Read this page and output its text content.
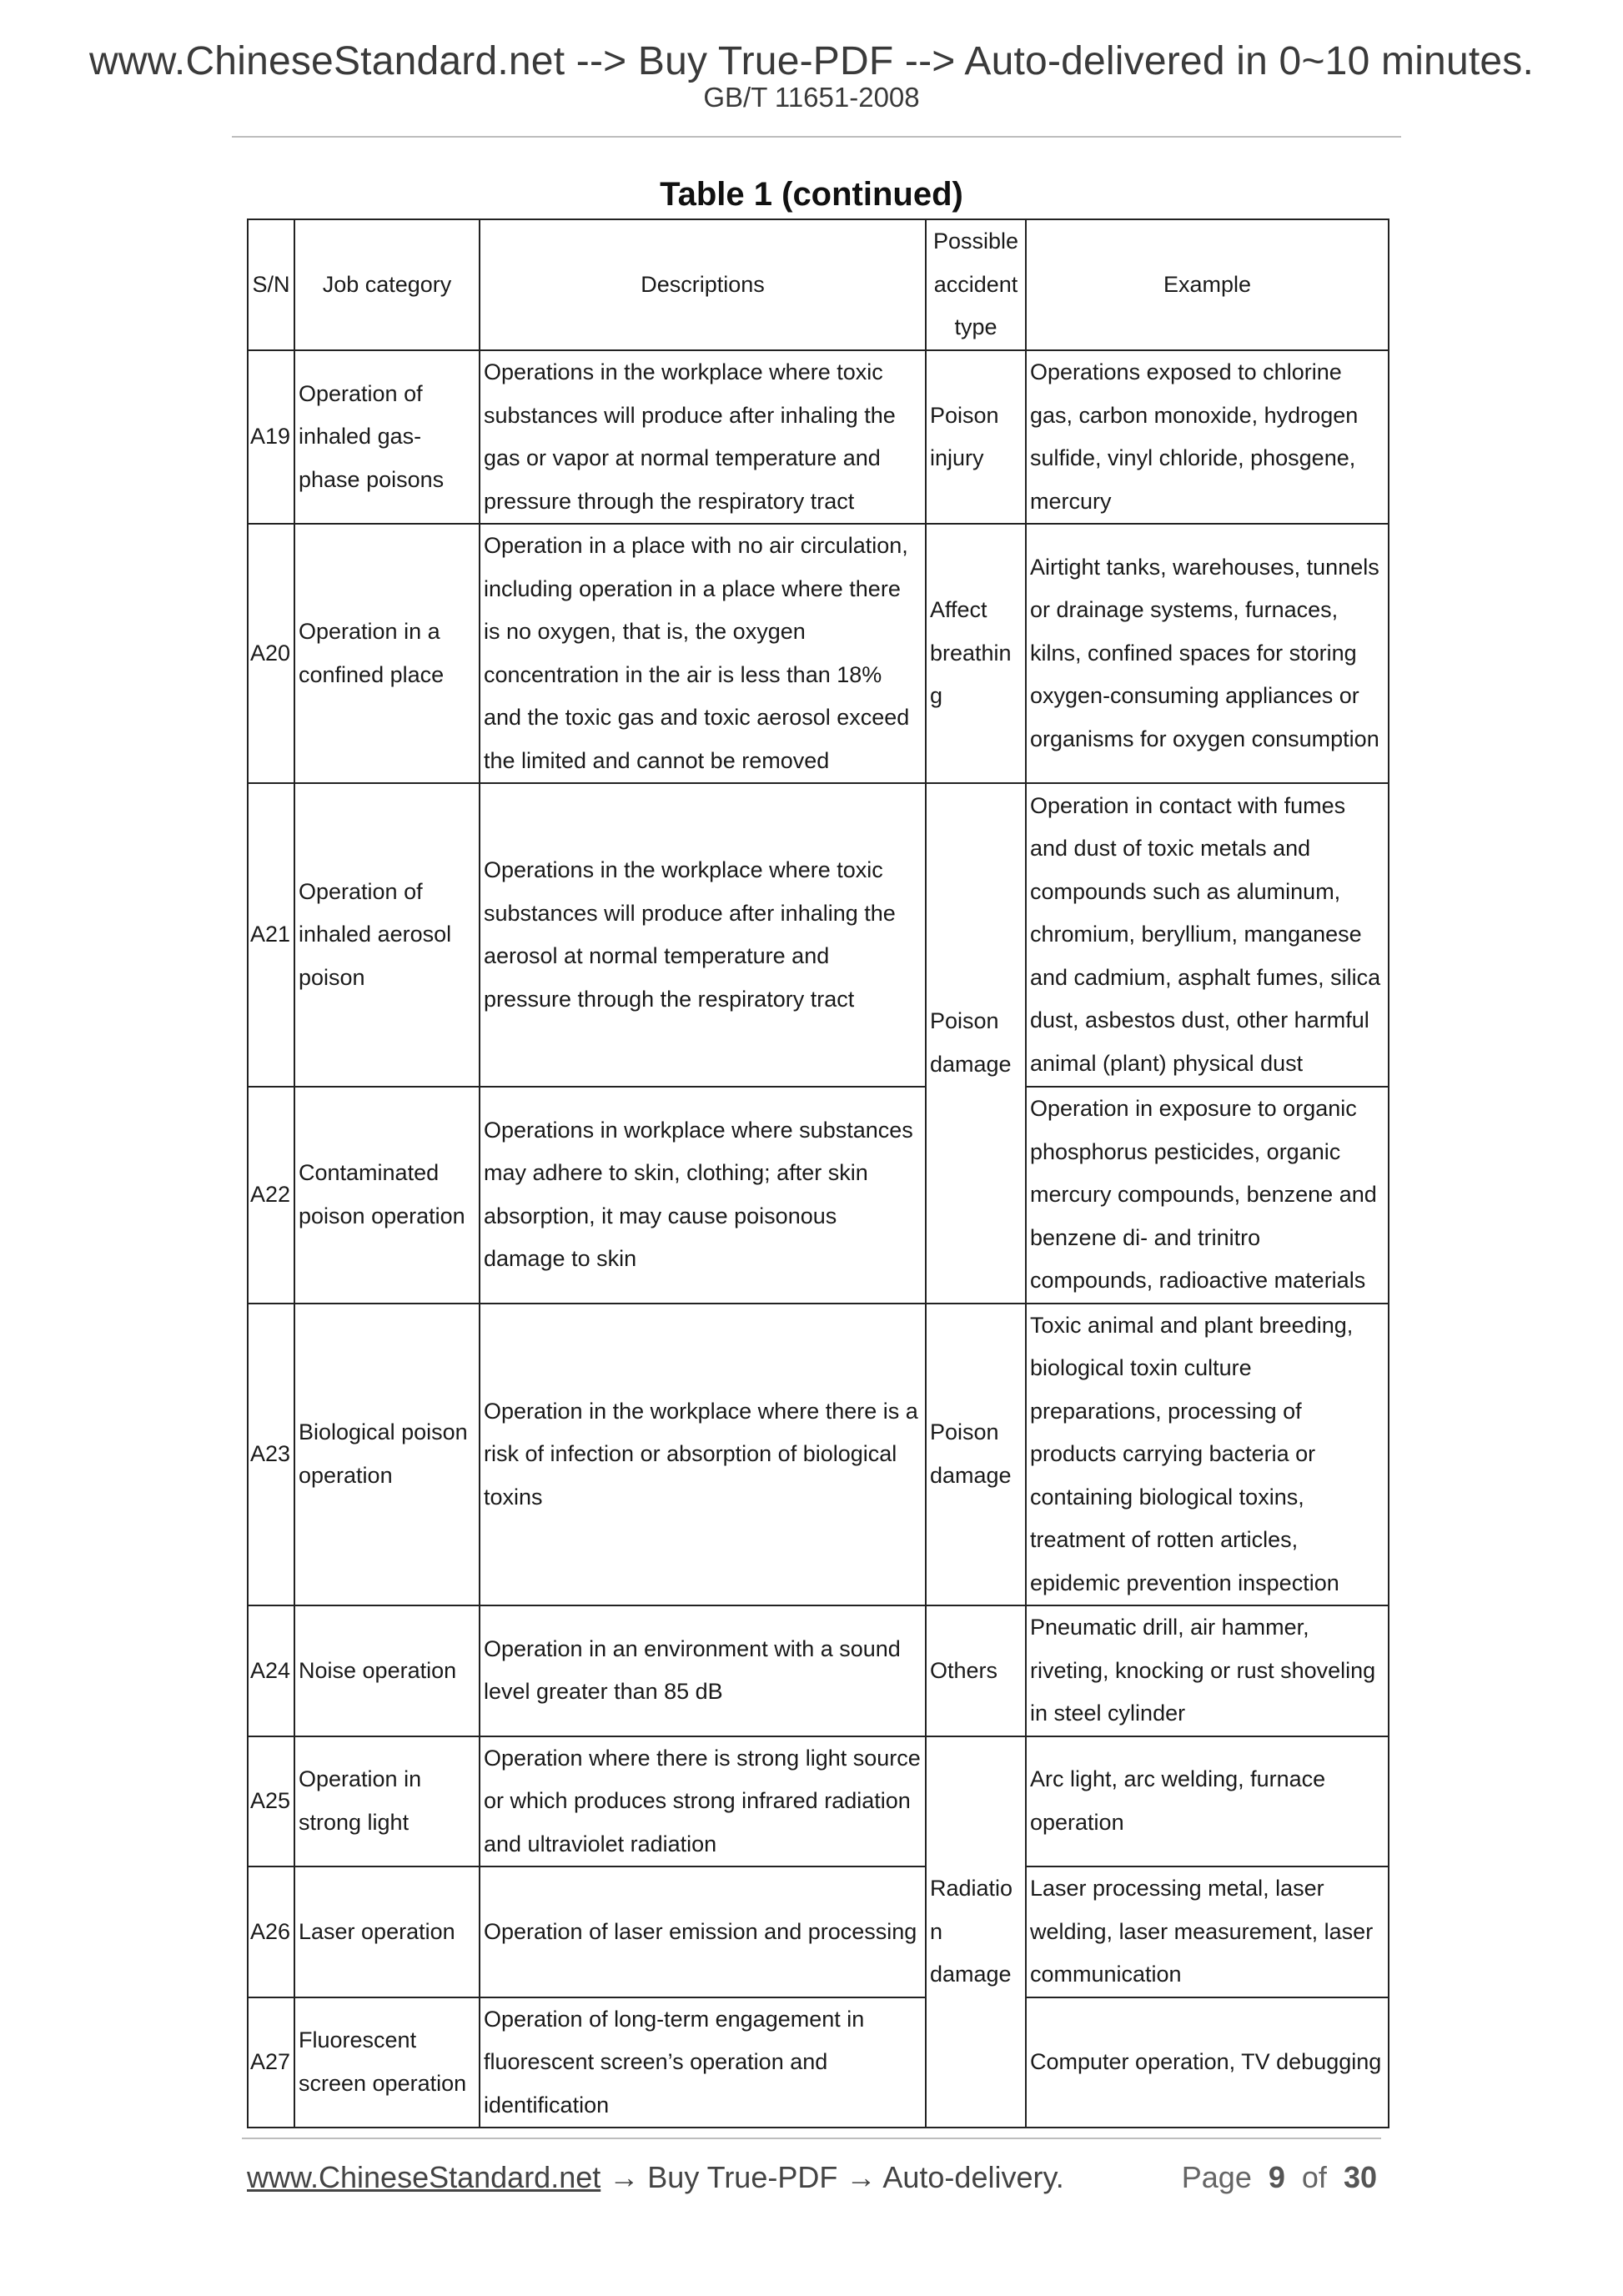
www.ChineseStandard.net --> Buy True-PDF --> Auto-delivered in 0~10 minutes.
GB/T 11651-2008
Table 1 (continued)
S/N	Job category	Descriptions	Possible accident type	Example
A19	Operation of inhaled gas-phase poisons	Operations in the workplace where toxic substances will produce after inhaling the gas or vapor at normal temperature and pressure through the respiratory tract	Poison injury	Operations exposed to chlorine gas, carbon monoxide, hydrogen sulfide, vinyl chloride, phosgene, mercury
A20	Operation in a confined place	Operation in a place with no air circulation, including operation in a place where there is no oxygen, that is, the oxygen concentration in the air is less than 18% and the toxic gas and toxic aerosol exceed the limited and cannot be removed	Affect breathing	Airtight tanks, warehouses, tunnels or drainage systems, furnaces, kilns, confined spaces for storing oxygen-consuming appliances or organisms for oxygen consumption
A21	Operation of inhaled aerosol poison	Operations in the workplace where toxic substances will produce after inhaling the aerosol at normal temperature and pressure through the respiratory tract	Poison damage	Operation in contact with fumes and dust of toxic metals and compounds such as aluminum, chromium, beryllium, manganese and cadmium, asphalt fumes, silica dust, asbestos dust, other harmful animal (plant) physical dust
A22	Contaminated poison operation	Operations in workplace where substances may adhere to skin, clothing; after skin absorption, it may cause poisonous damage to skin		Operation in exposure to organic phosphorus pesticides, organic mercury compounds, benzene and benzene di- and trinitro compounds, radioactive materials
A23	Biological poison operation	Operation in the workplace where there is a risk of infection or absorption of biological toxins	Poison damage	Toxic animal and plant breeding, biological toxin culture preparations, processing of products carrying bacteria or containing biological toxins, treatment of rotten articles, epidemic prevention inspection
A24	Noise operation	Operation in an environment with a sound level greater than 85 dB	Others	Pneumatic drill, air hammer, riveting, knocking or rust shoveling in steel cylinder
A25	Operation in strong light	Operation where there is strong light source or which produces strong infrared radiation and ultraviolet radiation	Radiation damage	Arc light, arc welding, furnace operation
A26	Laser operation	Operation of laser emission and processing		Laser processing metal, laser welding, laser measurement, laser communication
A27	Fluorescent screen operation	Operation of long-term engagement in fluorescent screen’s operation and identification		Computer operation, TV debugging
www.ChineseStandard.net → Buy True-PDF → Auto-delivery.	Page 9 of 30
